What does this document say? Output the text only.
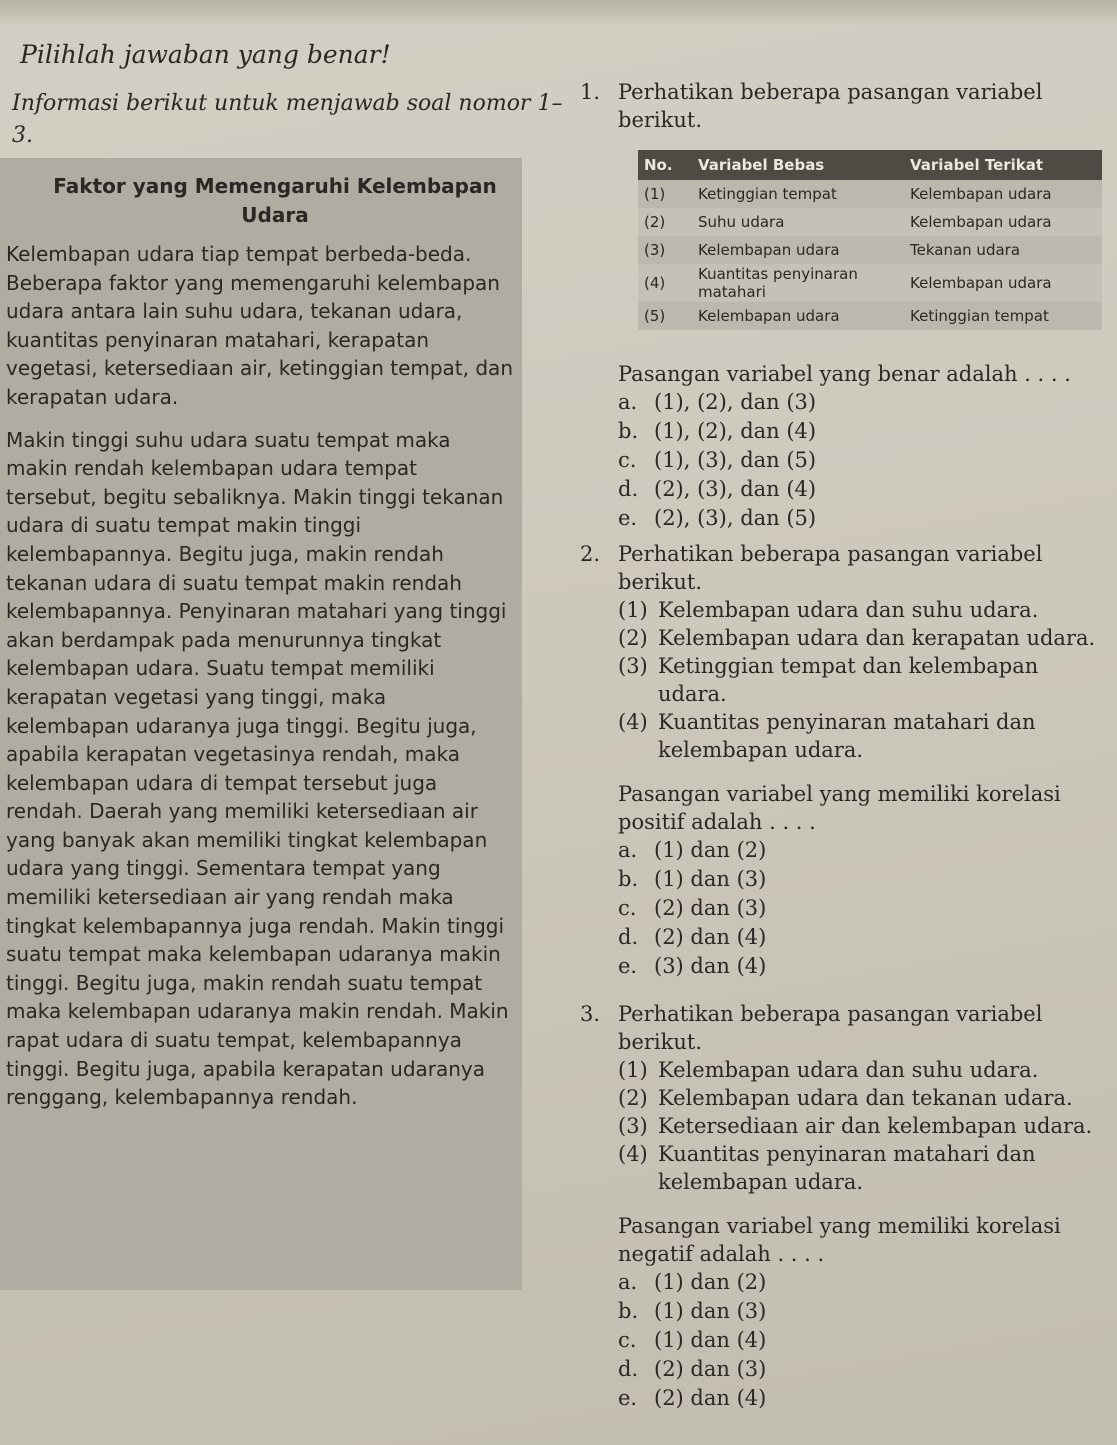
Pilihlah jawaban yang benar!
Informasi berikut untuk menjawab soal nomor 1–3.
Faktor yang Memengaruhi Kelembapan Udara

Kelembapan udara tiap tempat berbeda-beda. Beberapa faktor yang memengaruhi kelembapan udara antara lain suhu udara, tekanan udara, kuantitas penyinaran matahari, kerapatan vegetasi, ketersediaan air, ketinggian tempat, dan kerapatan udara.

Makin tinggi suhu udara suatu tempat maka makin rendah kelembapan udara tempat tersebut, begitu sebaliknya. Makin tinggi tekanan udara di suatu tempat makin tinggi kelembapannya. Begitu juga, makin rendah tekanan udara di suatu tempat makin rendah kelembapannya. Penyinaran matahari yang tinggi akan berdampak pada menurunnya tingkat kelembapan udara. Suatu tempat memiliki kerapatan vegetasi yang tinggi, maka kelembapan udaranya juga tinggi. Begitu juga, apabila kerapatan vegetasinya rendah, maka kelembapan udara di tempat tersebut juga rendah. Daerah yang memiliki ketersediaan air yang banyak akan memiliki tingkat kelembapan udara yang tinggi. Sementara tempat yang memiliki ketersediaan air yang rendah maka tingkat kelembapannya juga rendah. Makin tinggi suatu tempat maka kelembapan udaranya makin tinggi. Begitu juga, makin rendah suatu tempat maka kelembapan udaranya makin rendah. Makin rapat udara di suatu tempat, kelembapannya tinggi. Begitu juga, apabila kerapatan udaranya renggang, kelembapannya rendah.

1. Perhatikan beberapa pasangan variabel berikut.
No.	Variabel Bebas	Variabel Terikat
(1)	Ketinggian tempat	Kelembapan udara
(2)	Suhu udara	Kelembapan udara
(3)	Kelembapan udara	Tekanan udara
(4)	Kuantitas penyinaran matahari	Kelembapan udara
(5)	Kelembapan udara	Ketinggian tempat
Pasangan variabel yang benar adalah . . . .
a. (1), (2), dan (3)
b. (1), (2), dan (4)
c. (1), (3), dan (5)
d. (2), (3), dan (4)
e. (2), (3), dan (5)
2. Perhatikan beberapa pasangan variabel berikut.
(1) Kelembapan udara dan suhu udara.
(2) Kelembapan udara dan kerapatan udara.
(3) Ketinggian tempat dan kelembapan udara.
(4) Kuantitas penyinaran matahari dan kelembapan udara.
Pasangan variabel yang memiliki korelasi positif adalah . . . .
a. (1) dan (2)
b. (1) dan (3)
c. (2) dan (3)
d. (2) dan (4)
e. (3) dan (4)
3. Perhatikan beberapa pasangan variabel berikut.
(1) Kelembapan udara dan suhu udara.
(2) Kelembapan udara dan tekanan udara.
(3) Ketersediaan air dan kelembapan udara.
(4) Kuantitas penyinaran matahari dan kelembapan udara.
Pasangan variabel yang memiliki korelasi negatif adalah . . . .
a. (1) dan (2)
b. (1) dan (3)
c. (1) dan (4)
d. (2) dan (3)
e. (2) dan (4)
